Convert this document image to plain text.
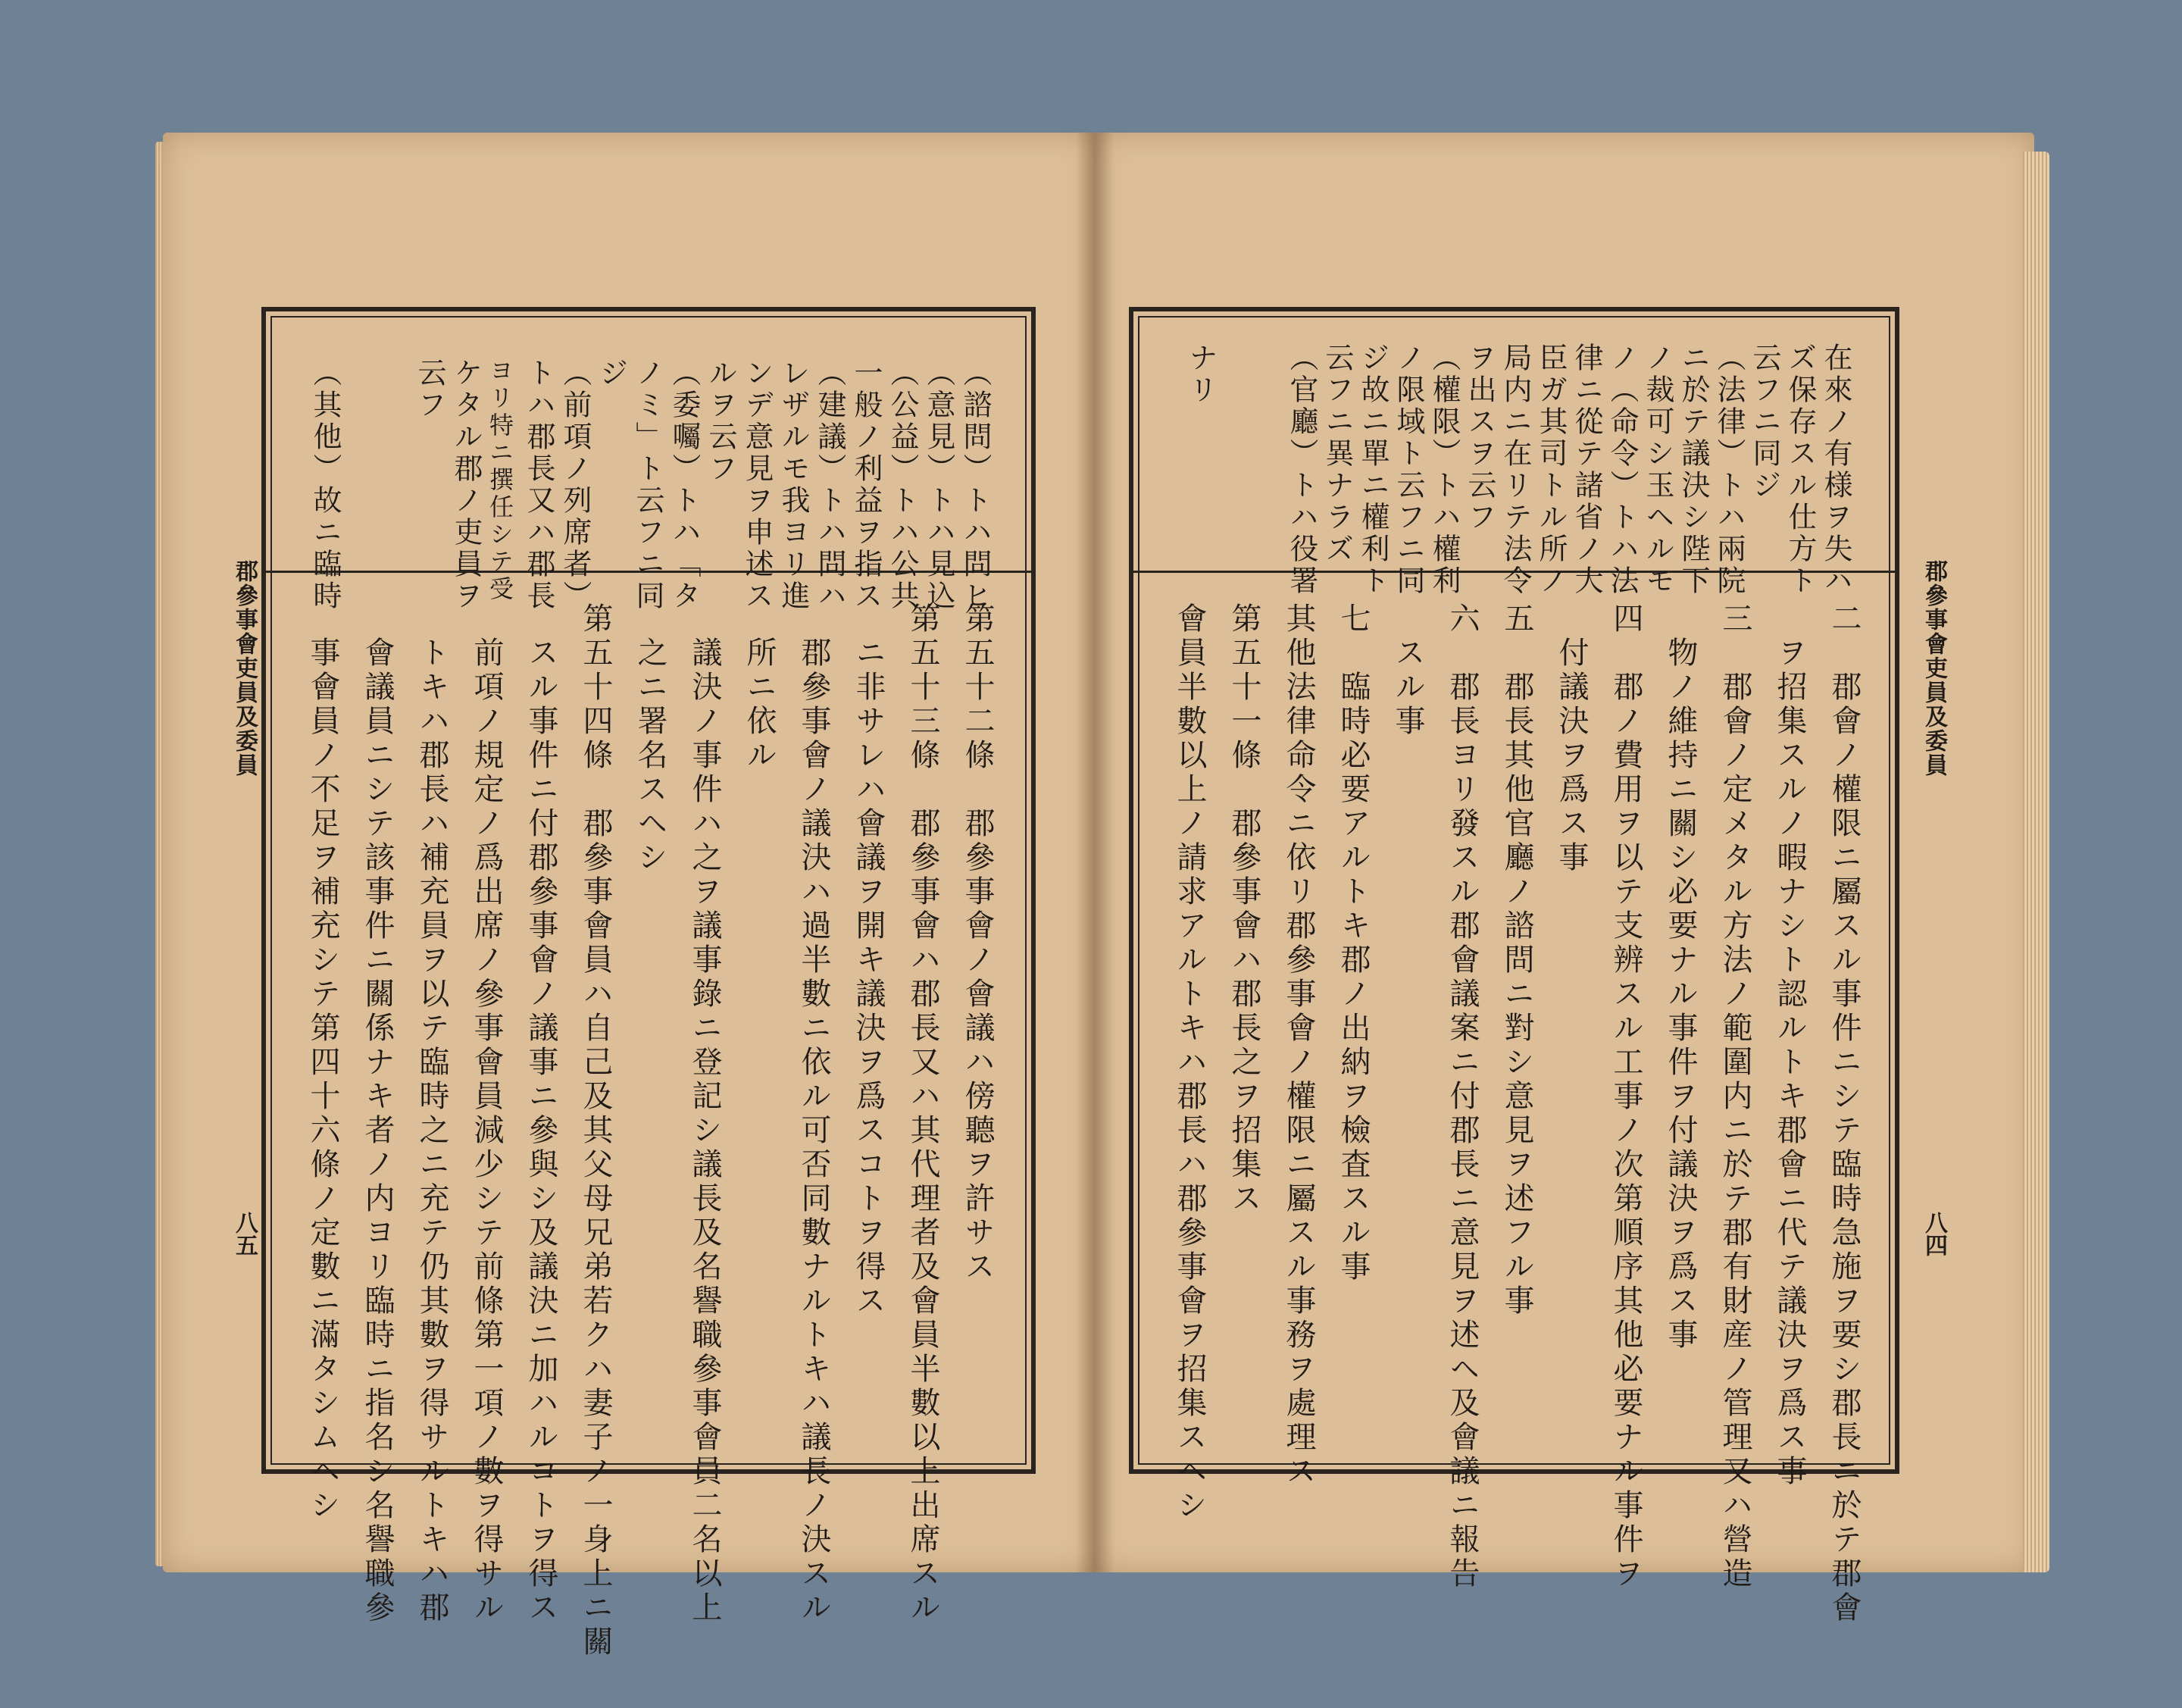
（諮問）トハ問ヒ
（意見）トハ見込
（公益）トハ公共
一般ノ利益ヲ指ス
（建議）トハ問ハ
レザルモ我ヨリ進
ンデ意見ヲ申述ス
ルヲ云フ
（委囑）トハ「タ
ノミ」ト云フニ同
ジ
（前項ノ列席者）
トハ郡長又ハ郡長
ヨリ特ニ撰任シテ受
ケタル郡ノ吏員ヲ
云フ
（其他）故ニ臨時
第五十二條　郡參事會ノ會議ハ傍聽ヲ許サス
第五十三條　郡參事會ハ郡長又ハ其代理者及會員半數以上出席スル
　ニ非サレハ會議ヲ開キ議決ヲ爲スコトヲ得ス
　郡參事會ノ議決ハ過半數ニ依ル可否同數ナルトキハ議長ノ決スル
　所ニ依ル
　議決ノ事件ハ之ヲ議事錄ニ登記シ議長及名譽職參事會員二名以上
　之ニ署名スヘシ
第五十四條　郡參事會員ハ自己及其父母兄弟若クハ妻子ノ一身上ニ關
　スル事件ニ付郡參事會ノ議事ニ參與シ及議決ニ加ハルコトヲ得ス
　前項ノ規定ノ爲出席ノ參事會員減少シテ前條第一項ノ數ヲ得サル
　トキハ郡長ハ補充員ヲ以テ臨時之ニ充テ仍其數ヲ得サルトキハ郡
　會議員ニシテ該事件ニ關係ナキ者ノ内ヨリ臨時ニ指名シ名譽職參
　事會員ノ不足ヲ補充シテ第四十六條ノ定數ニ滿タシムヘシ
郡參事會吏員及委員
八五
在來ノ有様ヲ失ハ
ズ保存スル仕方ト
云フニ同ジ
（法律）トハ兩院
ニ於テ議決シ陛下
ノ裁可シ玉ヘルモ
ノ（命令）トハ法
律ニ從テ諸省ノ大
臣ガ其司トル所ノ
局内ニ在リテ法令
ヲ出スヲ云フ
（權限）トハ權利
ノ限域ト云フニ同
ジ故ニ單ニ權利ト
云フニ異ナラズ
（官廳）トハ役署
ナリ
二　郡會ノ權限ニ屬スル事件ニシテ臨時急施ヲ要シ郡長ニ於テ郡會
　ヲ招集スルノ暇ナシト認ルトキ郡會ニ代テ議決ヲ爲ス事
三　郡會ノ定メタル方法ノ範圍内ニ於テ郡有財産ノ管理又ハ營造
　物ノ維持ニ關シ必要ナル事件ヲ付議決ヲ爲ス事
四　郡ノ費用ヲ以テ支辨スル工事ノ次第順序其他必要ナル事件ヲ
　付議決ヲ爲ス事
五　郡長其他官廳ノ諮問ニ對シ意見ヲ述フル事
六　郡長ヨリ發スル郡會議案ニ付郡長ニ意見ヲ述ヘ及會議ニ報告
　スル事
七　臨時必要アルトキ郡ノ出納ヲ檢査スル事
其他法律命令ニ依リ郡參事會ノ權限ニ屬スル事務ヲ處理ス
第五十一條　郡參事會ハ郡長之ヲ招集ス
會員半數以上ノ請求アルトキハ郡長ハ郡參事會ヲ招集スヘシ	郡參事會吏員及委員
八四
